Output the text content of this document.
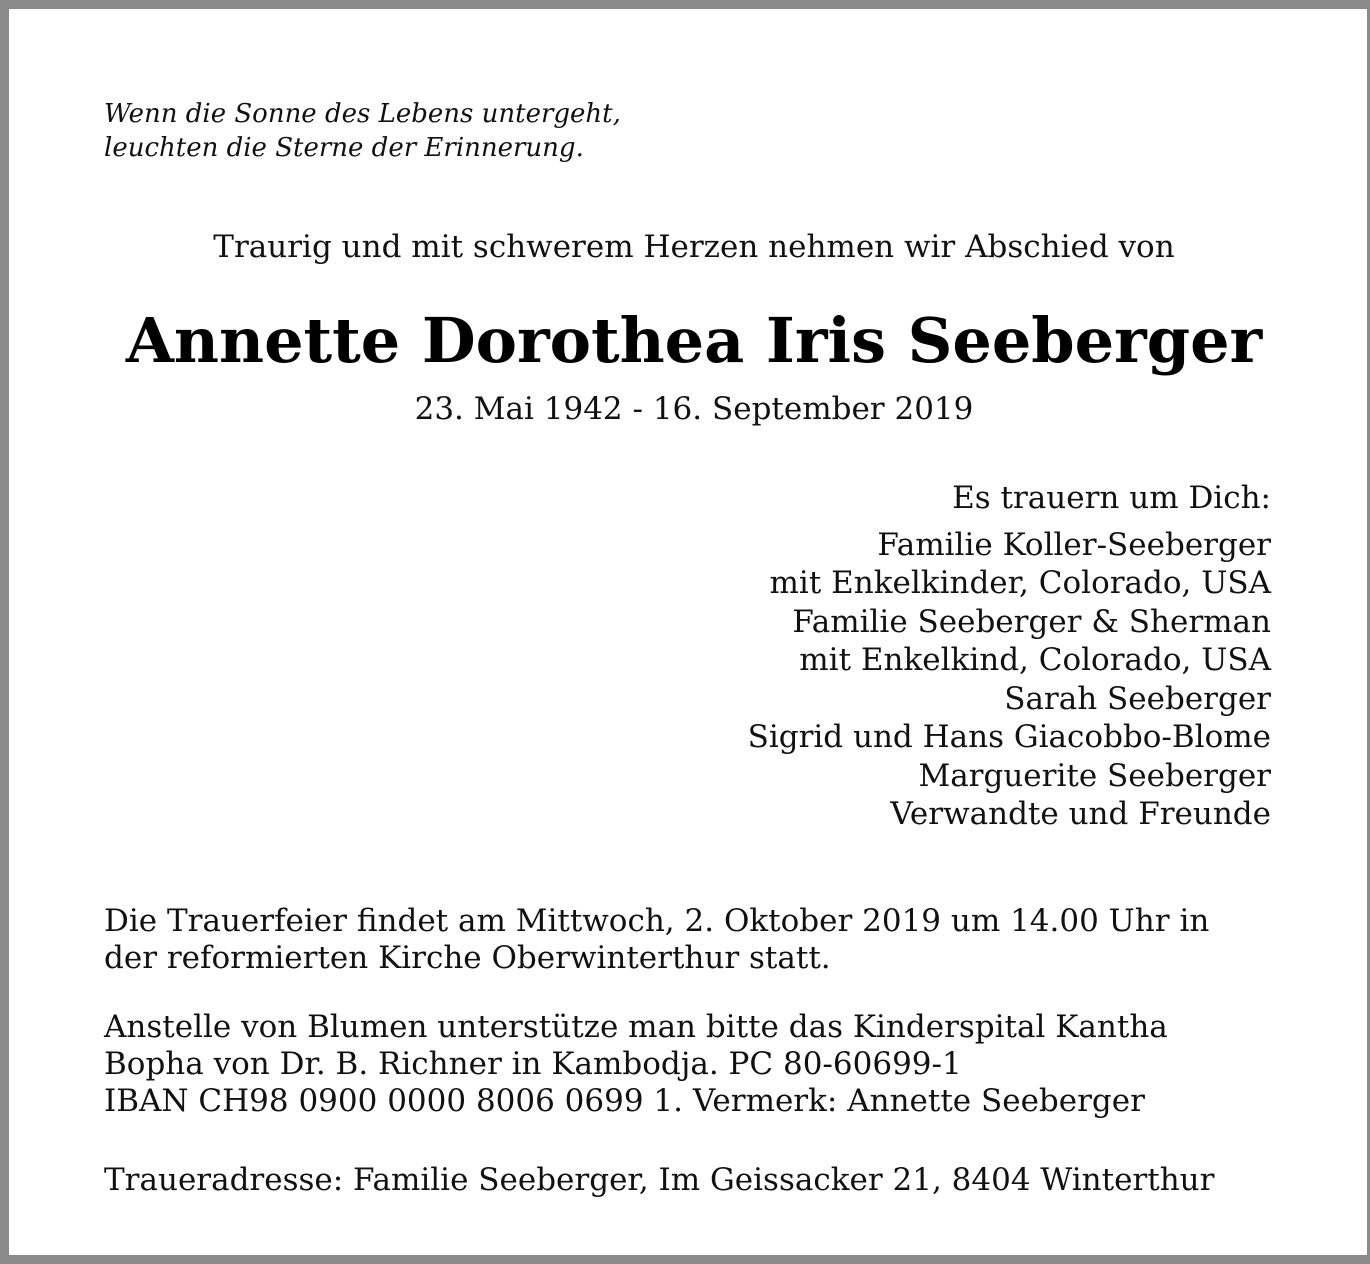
Wenn die Sonne des Lebens untergeht,
leuchten die Sterne der Erinnerung.
Traurig und mit schwerem Herzen nehmen wir Abschied von
Annette Dorothea Iris Seeberger
23. Mai 1942 - 16. September 2019
Es trauern um Dich:
Familie Koller-Seeberger
mit Enkelkinder, Colorado, USA
Familie Seeberger & Sherman
mit Enkelkind, Colorado, USA
Sarah Seeberger
Sigrid und Hans Giacobbo-Blome
Marguerite Seeberger
Verwandte und Freunde
Die Trauerfeier findet am Mittwoch, 2. Oktober 2019 um 14.00 Uhr in
der reformierten Kirche Oberwinterthur statt.
Anstelle von Blumen unterstütze man bitte das Kinderspital Kantha
Bopha von Dr. B. Richner in Kambodja. PC 80-60699-1
IBAN CH98 0900 0000 8006 0699 1. Vermerk: Annette Seeberger
Traueradresse: Familie Seeberger, Im Geissacker 21, 8404 Winterthur
